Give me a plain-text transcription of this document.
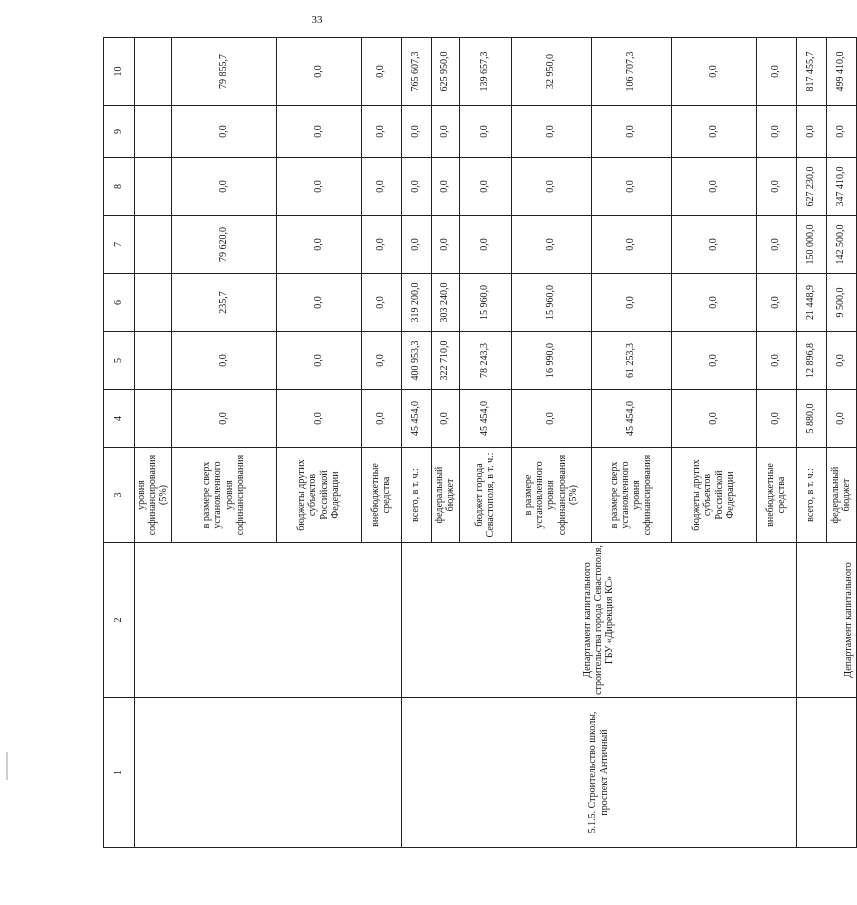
33
1	2	3	4	5	6	7	8	9	10
		уровня софинансирования (5%)							
		в размере сверх установленного уровня софинансирования	0,0	0,0	235,7	79 620,0	0,0	0,0	79 855,7
		бюджеты других субъектов Российской Федерации	0,0	0,0	0,0	0,0	0,0	0,0	0,0
		внебюджетные средства	0,0	0,0	0,0	0,0	0,0	0,0	0,0
5.1.5. Строительство школы, проспект Античный	Департамент капитального строительства города Севастополя, ГБУ «Дирекция КС»	всего, в т. ч.:	45 454,0	400 953,3	319 200,0	0,0	0,0	0,0	765 607,3
		федеральный бюджет	0,0	322 710,0	303 240,0	0,0	0,0	0,0	625 950,0
		бюджет города Севастополя, в т. ч.:	45 454,0	78 243,3	15 960,0	0,0	0,0	0,0	139 657,3
		в размере установленного уровня софинансирования (5%)	0,0	16 990,0	15 960,0	0,0	0,0	0,0	32 950,0
		в размере сверх установленного уровня софинансирования	45 454,0	61 253,3	0,0	0,0	0,0	0,0	106 707,3
		бюджеты других субъектов Российской Федерации	0,0	0,0	0,0	0,0	0,0	0,0	0,0
		внебюджетные средства	0,0	0,0	0,0	0,0	0,0	0,0	0,0
	Департамент капитального	всего, в т. ч.:	5 880,0	12 896,8	21 448,9	150 000,0	627 230,0	0,0	817 455,7
		федеральный бюджет	0,0	0,0	9 500,0	142 500,0	347 410,0	0,0	499 410,0
